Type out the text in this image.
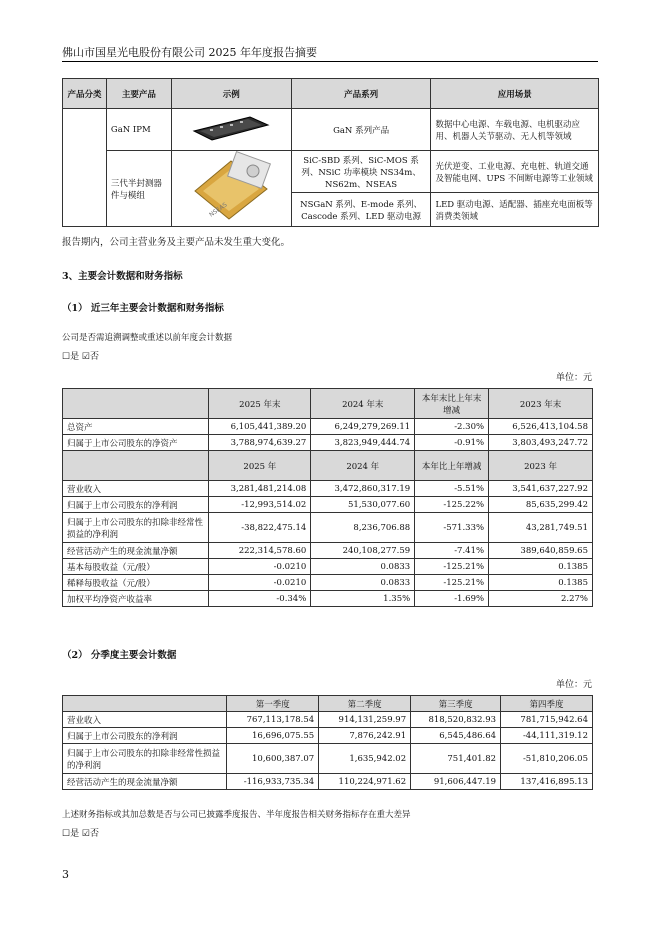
佛山市国星光电股份有限公司 2025 年年度报告摘要
产品分类	主要产品	示例	产品系列	应用场景
	GaN IPM		GaN 系列产品	数据中心电源、车载电源、电机驱动应用、机器人关节驱动、无人机等领域
	三代半封测器件与模组	NSEAS	SiC-SBD 系列、SiC-MOS 系列、NSiC 功率模块 NS34m、NS62m、NSEAS	光伏逆变、工业电源、充电桩、轨道交通及智能电网、UPS 不间断电源等工业领域
			NSGaN 系列、E-mode 系列、Cascode 系列、LED 驱动电源	LED 驱动电源、适配器、插座充电面板等消费类领域
报告期内，公司主营业务及主要产品未发生重大变化。
3、主要会计数据和财务指标
（1） 近三年主要会计数据和财务指标
公司是否需追溯调整或重述以前年度会计数据
☐是 ☑否
单位：元
	2025 年末	2024 年末	本年末比上年末增减	2023 年末
总资产	6,105,441,389.20	6,249,279,269.11	-2.30%	6,526,413,104.58
归属于上市公司股东的净资产	3,788,974,639.27	3,823,949,444.74	-0.91%	3,803,493,247.72
	2025 年	2024 年	本年比上年增减	2023 年
营业收入	3,281,481,214.08	3,472,860,317.19	-5.51%	3,541,637,227.92
归属于上市公司股东的净利润	-12,993,514.02	51,530,077.60	-125.22%	85,635,299.42
归属于上市公司股东的扣除非经常性损益的净利润	-38,822,475.14	8,236,706.88	-571.33%	43,281,749.51
经营活动产生的现金流量净额	222,314,578.60	240,108,277.59	-7.41%	389,640,859.65
基本每股收益（元/股）	-0.0210	0.0833	-125.21%	0.1385
稀释每股收益（元/股）	-0.0210	0.0833	-125.21%	0.1385
加权平均净资产收益率	-0.34%	1.35%	-1.69%	2.27%
（2） 分季度主要会计数据
单位：元
	第一季度	第二季度	第三季度	第四季度
营业收入	767,113,178.54	914,131,259.97	818,520,832.93	781,715,942.64
归属于上市公司股东的净利润	16,696,075.55	7,876,242.91	6,545,486.64	-44,111,319.12
归属于上市公司股东的扣除非经常性损益的净利润	10,600,387.07	1,635,942.02	751,401.82	-51,810,206.05
经营活动产生的现金流量净额	-116,933,735.34	110,224,971.62	91,606,447.19	137,416,895.13
上述财务指标或其加总数是否与公司已披露季度报告、半年度报告相关财务指标存在重大差异
☐是 ☑否
3
